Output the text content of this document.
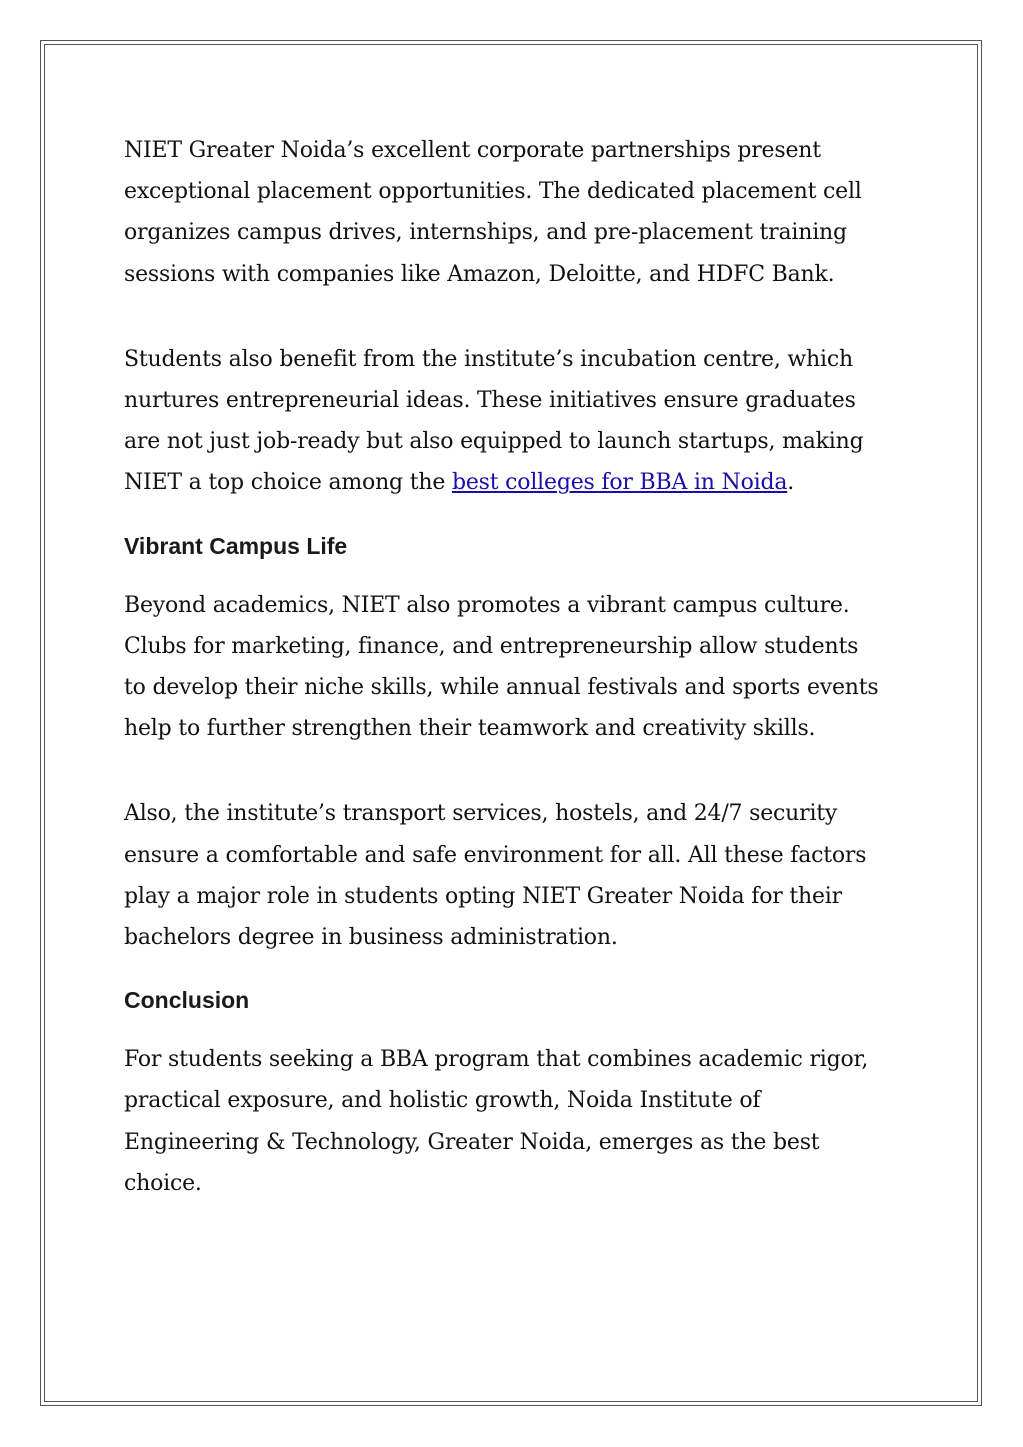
NIET Greater Noida’s excellent corporate partnerships present
exceptional placement opportunities. The dedicated placement cell
organizes campus drives, internships, and pre-placement training
sessions with companies like Amazon, Deloitte, and HDFC Bank.

Students also benefit from the institute’s incubation centre, which
nurtures entrepreneurial ideas. These initiatives ensure graduates
are not just job-ready but also equipped to launch startups, making
NIET a top choice among the best colleges for BBA in Noida.

Vibrant Campus Life

Beyond academics, NIET also promotes a vibrant campus culture.
Clubs for marketing, finance, and entrepreneurship allow students
to develop their niche skills, while annual festivals and sports events
help to further strengthen their teamwork and creativity skills.

Also, the institute’s transport services, hostels, and 24/7 security
ensure a comfortable and safe environment for all. All these factors
play a major role in students opting NIET Greater Noida for their
bachelors degree in business administration.

Conclusion

For students seeking a BBA program that combines academic rigor,
practical exposure, and holistic growth, Noida Institute of
Engineering & Technology, Greater Noida, emerges as the best
choice.
